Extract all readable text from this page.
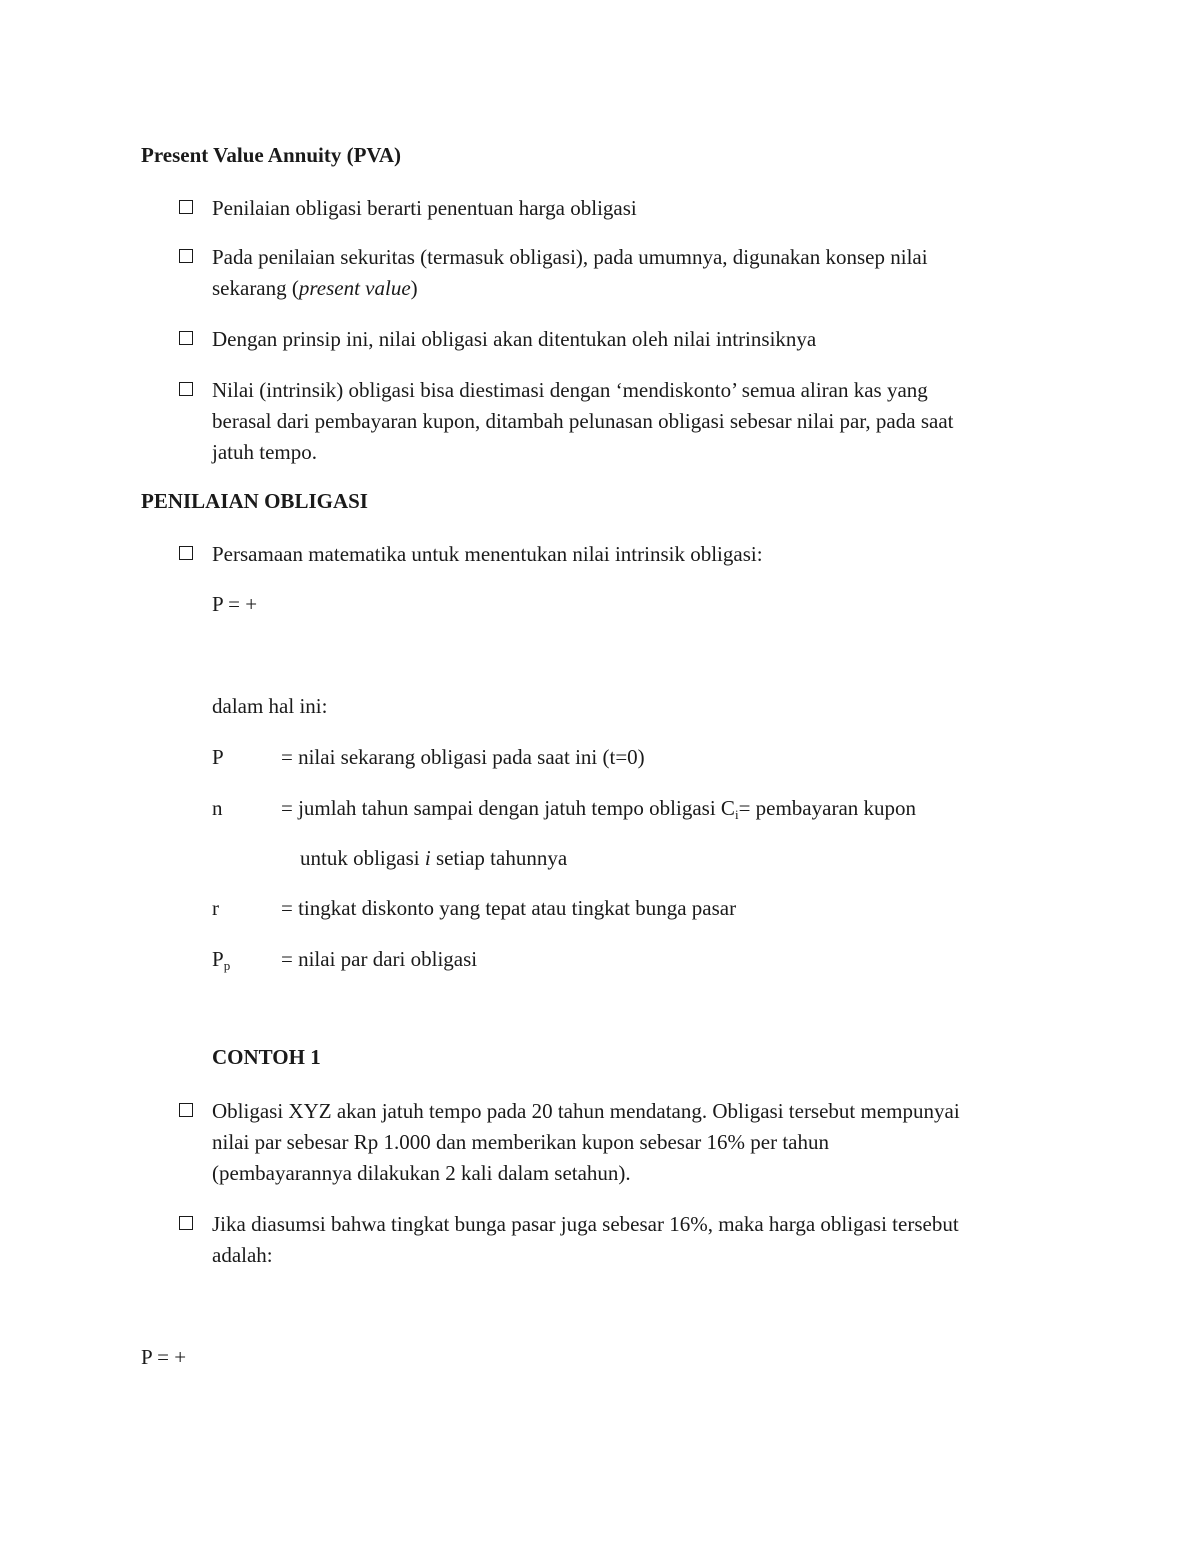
Present Value Annuity (PVA)
Penilaian obligasi berarti penentuan harga obligasi
Pada penilaian sekuritas (termasuk obligasi), pada umumnya, digunakan konsep nilai
sekarang (present value)
Dengan prinsip ini, nilai obligasi akan ditentukan oleh nilai intrinsiknya
Nilai (intrinsik) obligasi bisa diestimasi dengan ‘mendiskonto’ semua aliran kas yang
berasal dari pembayaran kupon, ditambah pelunasan obligasi sebesar nilai par, pada saat
jatuh tempo.
PENILAIAN OBLIGASI
Persamaan matematika untuk menentukan nilai intrinsik obligasi:
P = +
dalam hal ini:
P	= nilai sekarang obligasi pada saat ini (t=0)
n	= jumlah tahun sampai dengan jatuh tempo obligasi $C_i=$ pembayaran kupon
untuk obligasi i setiap tahunnya
r	= tingkat diskonto yang tepat atau tingkat bunga pasar
$P_p$ = nilai par dari obligasi
CONTOH 1
Obligasi XYZ akan jatuh tempo pada 20 tahun mendatang. Obligasi tersebut mempunyai
nilai par sebesar Rp 1.000 dan memberikan kupon sebesar 16% per tahun
(pembayarannya dilakukan 2 kali dalam setahun).
Jika diasumsi bahwa tingkat bunga pasar juga sebesar 16%, maka harga obligasi tersebut
adalah:
P = +
